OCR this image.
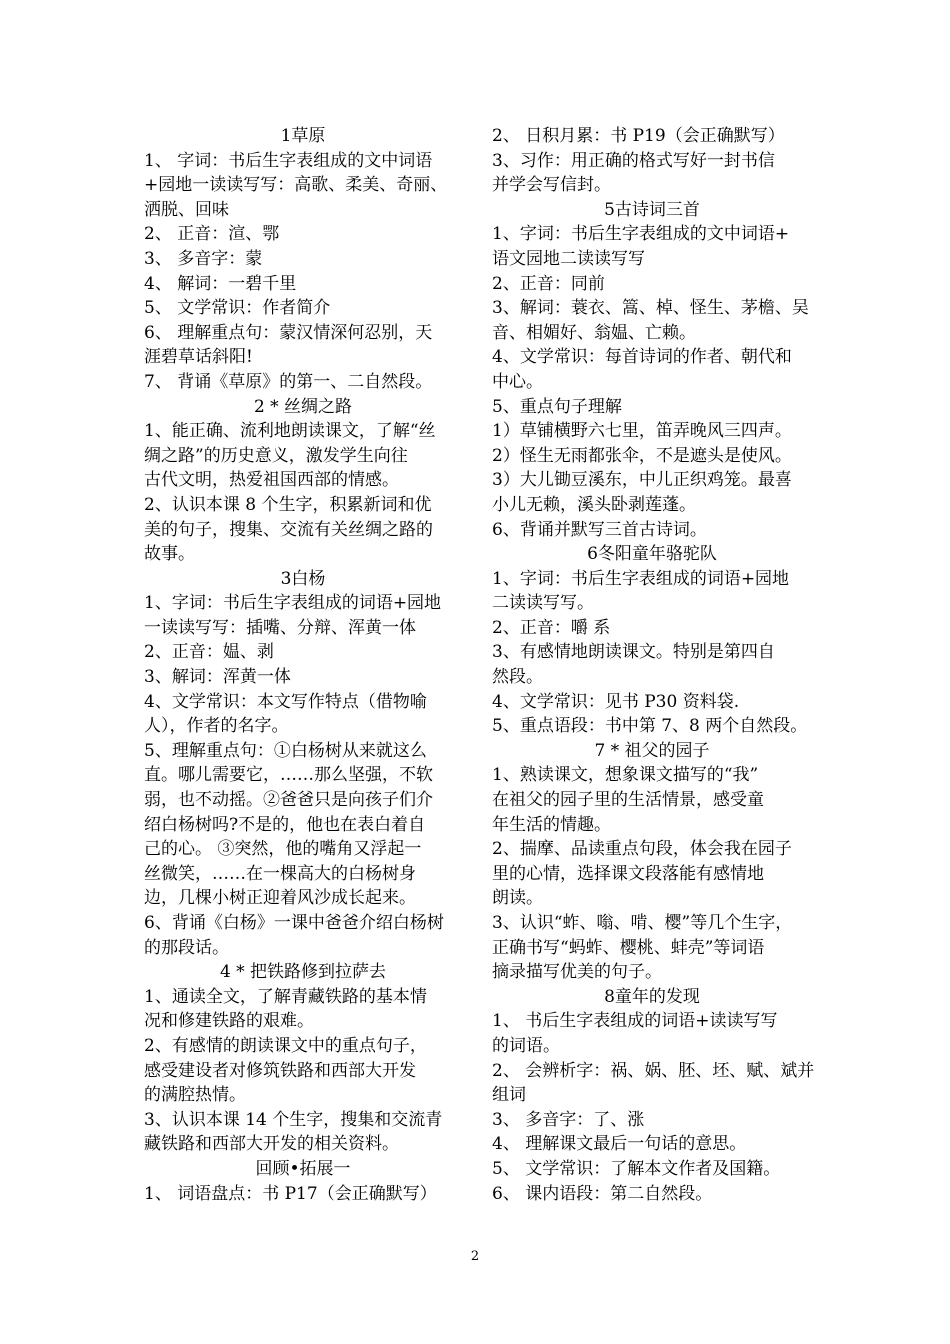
1草原
1、 字词：书后生字表组成的文中词语
+园地一读读写写：高歌、柔美、奇丽、
洒脱、回味
2、 正音：渲、鄂
3、 多音字：蒙
4、 解词：一碧千里
5、 文学常识：作者简介
6、 理解重点句：蒙汉情深何忍别，天
涯碧草话斜阳!
7、 背诵《草原》的第一、二自然段。
2 * 丝绸之路
1、能正确、流利地朗读课文，了解“丝
绸之路”的历史意义，激发学生向往
古代文明，热爱祖国西部的情感。
2、认识本课 8 个生字，积累新词和优
美的句子，搜集、交流有关丝绸之路的
故事。
3白杨
1、字词：书后生字表组成的词语+园地
一读读写写：插嘴、分辩、浑黄一体
2、正音：媪、剥
3、解词：浑黄一体
4、文学常识：本文写作特点（借物喻
人），作者的名字。
5、理解重点句：①白杨树从来就这么
直。哪儿需要它，……那么坚强，不软
弱，也不动摇。②爸爸只是向孩子们介
绍白杨树吗?不是的，他也在表白着自
己的心。 ③突然，他的嘴角又浮起一
丝微笑，……在一棵高大的白杨树身
边，几棵小树正迎着风沙成长起来。
6、背诵《白杨》一课中爸爸介绍白杨树
的那段话。
4 * 把铁路修到拉萨去
1、通读全文，了解青藏铁路的基本情
况和修建铁路的艰难。
2、有感情的朗读课文中的重点句子，
感受建设者对修筑铁路和西部大开发
的满腔热情。
3、认识本课 14 个生字，搜集和交流青
藏铁路和西部大开发的相关资料。
回顾•拓展一
1、 词语盘点：书 P17（会正确默写）
2、 日积月累：书 P19（会正确默写）
3、习作：用正确的格式写好一封书信
并学会写信封。
5古诗词三首
1、字词：书后生字表组成的文中词语+
语文园地二读读写写
2、正音：同前
3、解词：蓑衣、篙、棹、怪生、茅檐、吴
音、相媚好、翁媪、亡赖。
4、文学常识：每首诗词的作者、朝代和
中心。
5、重点句子理解
1）草铺横野六七里，笛弄晚风三四声。
2）怪生无雨都张伞，不是遮头是使风。
3）大儿锄豆溪东，中儿正织鸡笼。最喜
小儿无赖，溪头卧剥莲蓬。
6、背诵并默写三首古诗词。
6冬阳童年骆驼队
1、字词：书后生字表组成的词语+园地
二读读写写。
2、正音：嚼 系
3、有感情地朗读课文。特别是第四自
然段。
4、文学常识：见书 P30 资料袋.
5、重点语段：书中第 7、8 两个自然段。
7 * 祖父的园子
1、熟读课文，想象课文描写的“我”
在祖父的园子里的生活情景，感受童
年生活的情趣。
2、揣摩、品读重点句段，体会我在园子
里的心情，选择课文段落能有感情地
朗读。
3、认识“蚱、嗡、啃、樱”等几个生字，
正确书写“蚂蚱、樱桃、蚌壳”等词语
摘录描写优美的句子。
8童年的发现
1、 书后生字表组成的词语+读读写写
的词语。
2、 会辨析字：祸、娲、胚、坯、赋、斌并
组词
3、 多音字：了、涨
4、 理解课文最后一句话的意思。
5、 文学常识：了解本文作者及国籍。
6、 课内语段：第二自然段。
2
